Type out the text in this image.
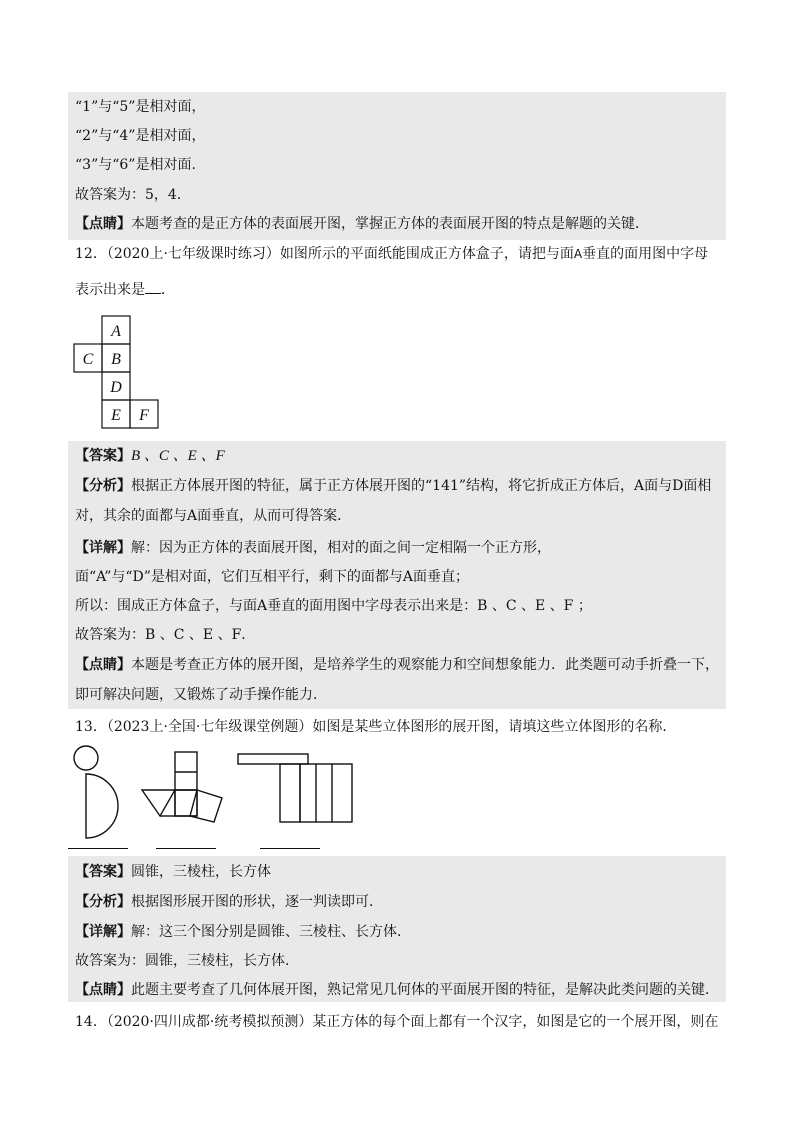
“1”与“5”是相对面，
“2”与“4”是相对面，
“3”与“6”是相对面.
故答案为：5，4．
【点睛】本题考查的是正方体的表面展开图，掌握正方体的表面展开图的特点是解题的关键．
12．（2020上·七年级课时练习）如图所示的平面纸能围成正方体盒子，请把与面A垂直的面用图中字母
表示出来是 ．
A
C B
D
E F
【答案】B 、C 、E 、F
【分析】根据正方体展开图的特征，属于正方体展开图的“141”结构，将它折成正方体后，A面与D面相
对，其余的面都与A面垂直，从而可得答案．
【详解】解：因为正方体的表面展开图，相对的面之间一定相隔一个正方形，
面“A”与“D”是相对面，它们互相平行，剩下的面都与A面垂直；
所以：围成正方体盒子，与面A垂直的面用图中字母表示出来是：B 、C 、E 、F ；
故答案为：B 、C 、E 、F．
【点睛】本题是考查正方体的展开图，是培养学生的观察能力和空间想象能力．此类题可动手折叠一下，
即可解决问题，又锻炼了动手操作能力．
13．（2023上·全国·七年级课堂例题）如图是某些立体图形的展开图，请填这些立体图形的名称．
【答案】圆锥，三棱柱，长方体
【分析】根据图形展开图的形状，逐一判读即可．
【详解】解：这三个图分别是圆锥、三棱柱、长方体．
故答案为：圆锥，三棱柱，长方体．
【点睛】此题主要考查了几何体展开图，熟记常见几何体的平面展开图的特征，是解决此类问题的关键．
14．（2020·四川成都·统考模拟预测）某正方体的每个面上都有一个汉字，如图是它的一个展开图，则在
